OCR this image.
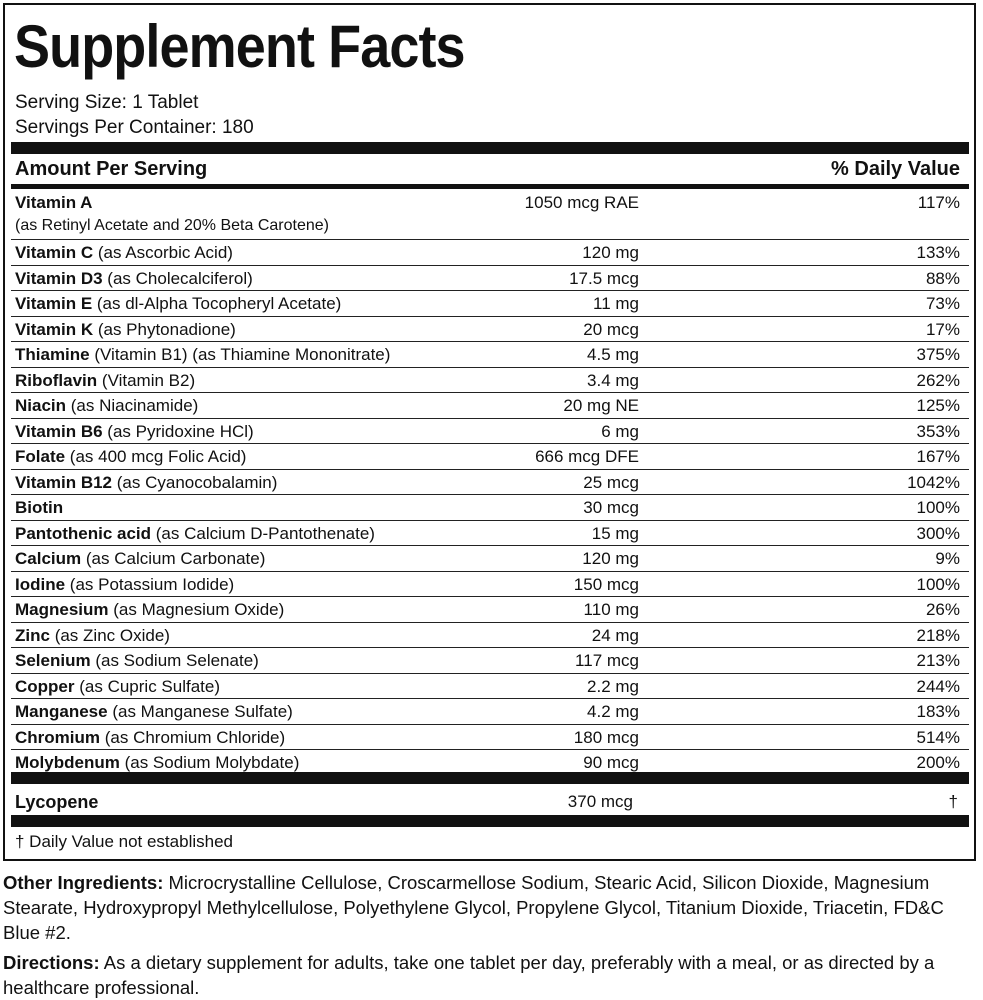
Supplement Facts
Serving Size: 1 Tablet
Servings Per Container: 180
Amount Per Serving	% Daily Value
Vitamin A
(as Retinyl Acetate and 20% Beta Carotene)
1050 mcg RAE	117%
Vitamin C (as Ascorbic Acid)	120 mg	133%
Vitamin D3 (as Cholecalciferol)	17.5 mcg	88%
Vitamin E (as dl-Alpha Tocopheryl Acetate)	11 mg	73%
Vitamin K (as Phytonadione)	20 mcg	17%
Thiamine (Vitamin B1) (as Thiamine Mononitrate)	4.5 mg	375%
Riboflavin (Vitamin B2)	3.4 mg	262%
Niacin (as Niacinamide)	20 mg NE	125%
Vitamin B6 (as Pyridoxine HCl)	6 mg	353%
Folate (as 400 mcg Folic Acid)	666 mcg DFE	167%
Vitamin B12 (as Cyanocobalamin)	25 mcg	1042%
Biotin	30 mcg	100%
Pantothenic acid (as Calcium D-Pantothenate)	15 mg	300%
Calcium (as Calcium Carbonate)	120 mg	9%
Iodine (as Potassium Iodide)	150 mcg	100%
Magnesium (as Magnesium Oxide)	110 mg	26%
Zinc (as Zinc Oxide)	24 mg	218%
Selenium (as Sodium Selenate)	117 mcg	213%
Copper (as Cupric Sulfate)	2.2 mg	244%
Manganese (as Manganese Sulfate)	4.2 mg	183%
Chromium (as Chromium Chloride)	180 mcg	514%
Molybdenum (as Sodium Molybdate)	90 mcg	200%
Lycopene	370 mcg	†
† Daily Value not established
Other Ingredients: Microcrystalline Cellulose, Croscarmellose Sodium, Stearic Acid, Silicon Dioxide, Magnesium Stearate, Hydroxypropyl Methylcellulose, Polyethylene Glycol, Propylene Glycol, Titanium Dioxide, Triacetin, FD&C Blue #2.
Directions: As a dietary supplement for adults, take one tablet per day, preferably with a meal, or as directed by a healthcare professional.
